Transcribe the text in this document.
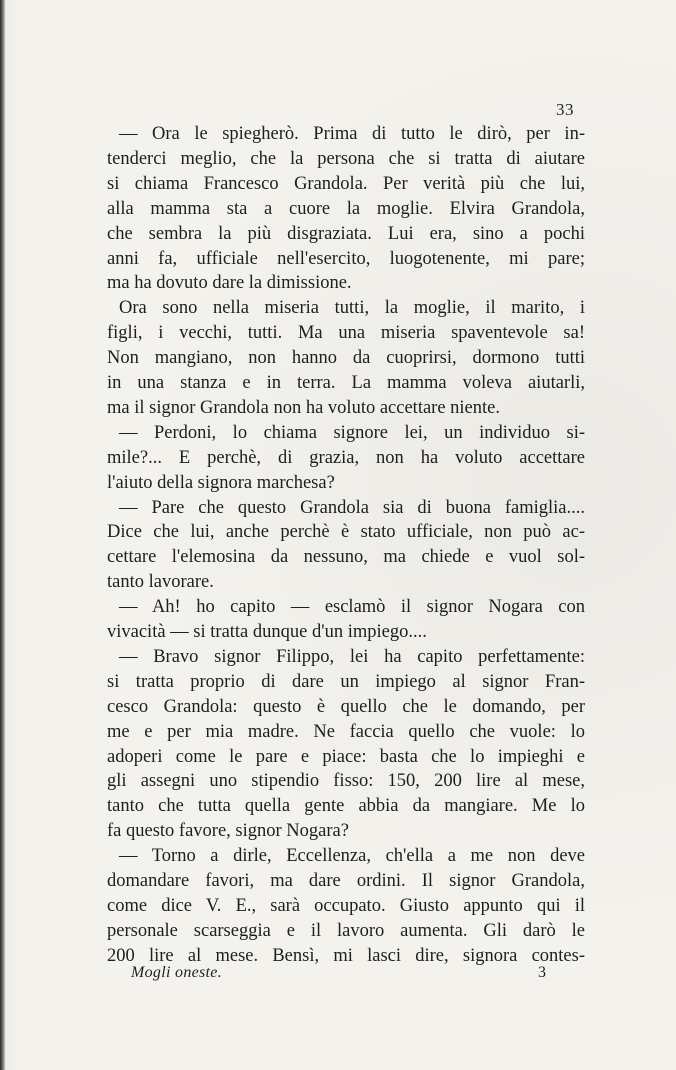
33
— Ora le spiegherò. Prima di tutto le dirò, per in-
tenderci meglio, che la persona che si tratta di aiutare
si chiama Francesco Grandola. Per verità più che lui,
alla mamma sta a cuore la moglie. Elvira Grandola,
che sembra la più disgraziata. Lui era, sino a pochi
anni fa, ufficiale nell'esercito, luogotenente, mi pare;
ma ha dovuto dare la dimissione.
Ora sono nella miseria tutti, la moglie, il marito, i
figli, i vecchi, tutti. Ma una miseria spaventevole sa!
Non mangiano, non hanno da cuoprirsi, dormono tutti
in una stanza e in terra. La mamma voleva aiutarli,
ma il signor Grandola non ha voluto accettare niente.
— Perdoni, lo chiama signore lei, un individuo si-
mile?... E perchè, di grazia, non ha voluto accettare
l'aiuto della signora marchesa?
— Pare che questo Grandola sia di buona famiglia....
Dice che lui, anche perchè è stato ufficiale, non può ac-
cettare l'elemosina da nessuno, ma chiede e vuol sol-
tanto lavorare.
— Ah! ho capito — esclamò il signor Nogara con
vivacità — si tratta dunque d'un impiego....
— Bravo signor Filippo, lei ha capito perfettamente:
si tratta proprio di dare un impiego al signor Fran-
cesco Grandola: questo è quello che le domando, per
me e per mia madre. Ne faccia quello che vuole: lo
adoperi come le pare e piace: basta che lo impieghi e
gli assegni uno stipendio fisso: 150, 200 lire al mese,
tanto che tutta quella gente abbia da mangiare. Me lo
fa questo favore, signor Nogara?
— Torno a dirle, Eccellenza, ch'ella a me non deve
domandare favori, ma dare ordini. Il signor Grandola,
come dice V. E., sarà occupato. Giusto appunto qui il
personale scarseggia e il lavoro aumenta. Gli darò le
200 lire al mese. Bensì, mi lasci dire, signora contes-
Mogli oneste.	3
